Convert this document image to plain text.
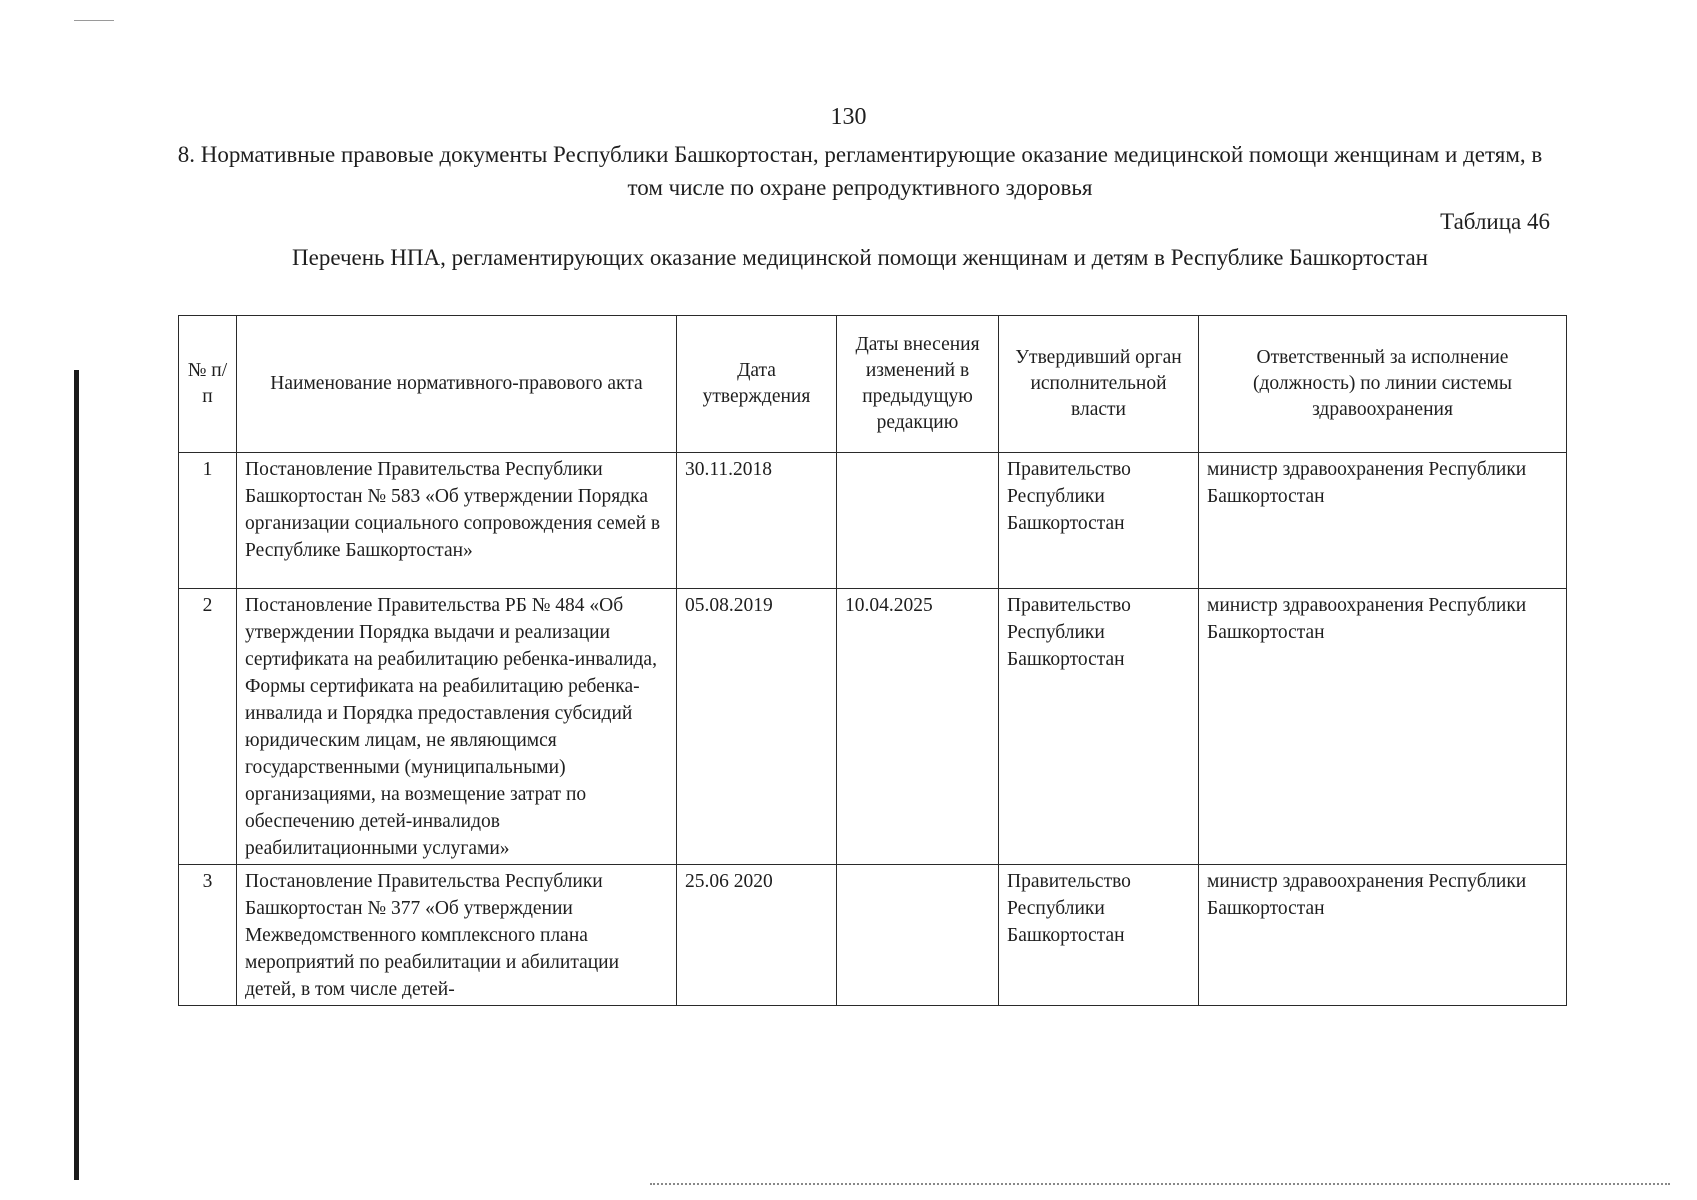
130
8. Нормативные правовые документы Республики Башкортостан, регламентирующие оказание медицинской помощи женщинам и детям, в том числе по охране репродуктивного здоровья
Таблица 46
Перечень НПА, регламентирующих оказание медицинской помощи женщинам и детям в Республике Башкортостан
№ п/п	Наименование нормативного-правового акта	Дата утверждения	Даты внесения изменений в предыдущую редакцию	Утвердивший орган исполнительной власти	Ответственный за исполнение (должность) по линии системы здравоохранения
1	Постановление Правительства Республики Башкортостан № 583 «Об утверждении Порядка организации социального сопровождения семей в Республике Башкортостан»	30.11.2018		Правительство Республики Башкортостан	министр здравоохранения Республики Башкортостан
2	Постановление Правительства РБ № 484 «Об утверждении Порядка выдачи и реализации сертификата на реабилитацию ребенка-инвалида, Формы сертификата на реабилитацию ребенка-инвалида и Порядка предоставления субсидий юридическим лицам, не являющимся государственными (муниципальными) организациями, на возмещение затрат по обеспечению детей-инвалидов реабилитационными услугами»	05.08.2019	10.04.2025	Правительство Республики Башкортостан	министр здравоохранения Республики Башкортостан
3	Постановление Правительства Республики Башкортостан № 377 «Об утверждении Межведомственного комплексного плана мероприятий по реабилитации и абилитации детей, в том числе детей-	25.06 2020		Правительство Республики Башкортостан	министр здравоохранения Республики Башкортостан
